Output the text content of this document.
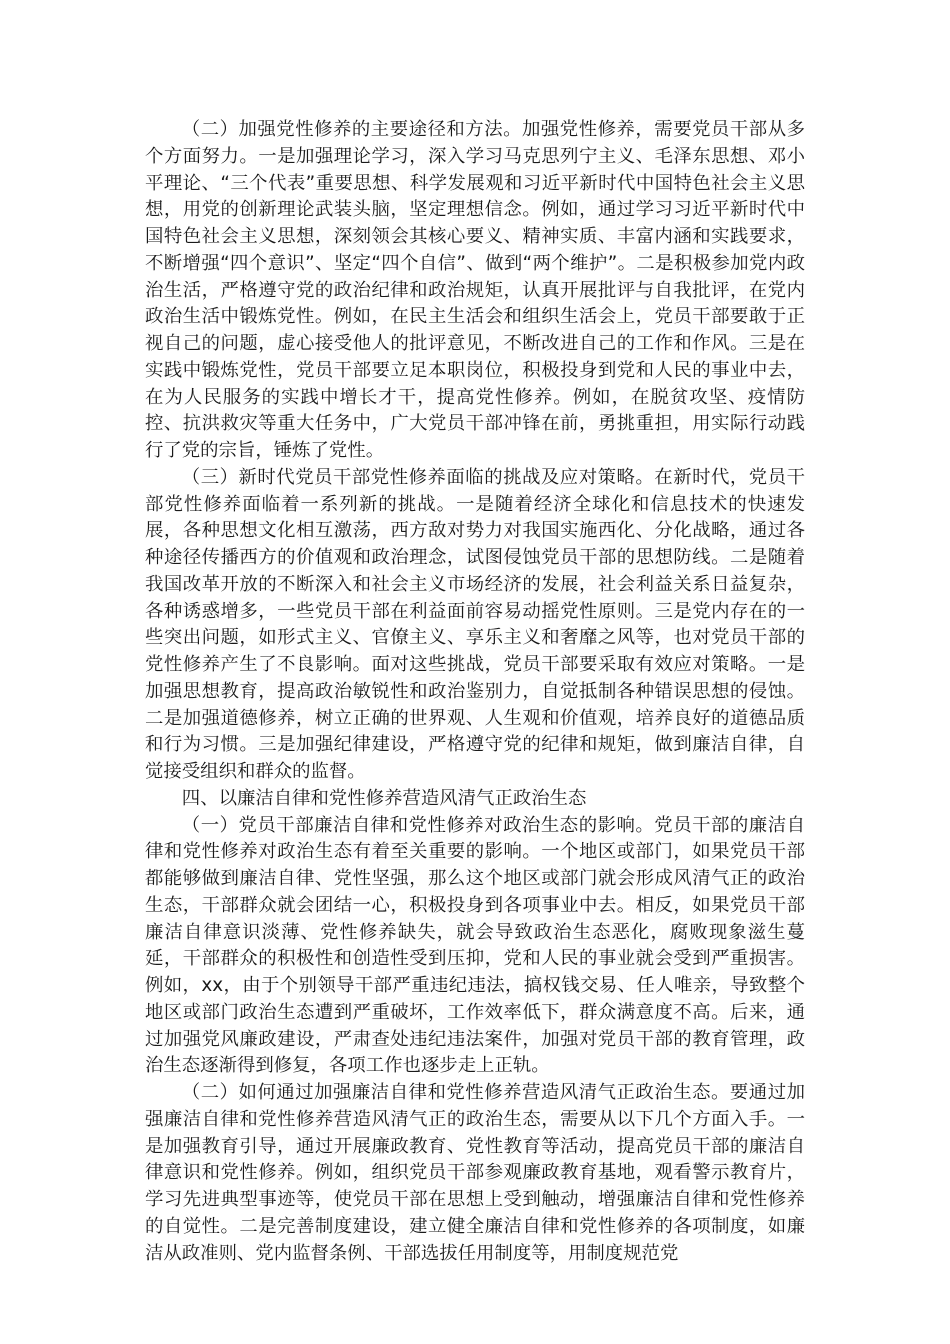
（二）加强党性修养的主要途径和方法。加强党性修养，需要党员干部从多个方面努力。一是加强理论学习，深入学习马克思列宁主义、毛泽东思想、邓小平理论、“三个代表”重要思想、科学发展观和习近平新时代中国特色社会主义思想，用党的创新理论武装头脑，坚定理想信念。例如，通过学习习近平新时代中国特色社会主义思想，深刻领会其核心要义、精神实质、丰富内涵和实践要求，不断增强“四个意识”、坚定“四个自信”、做到“两个维护”。二是积极参加党内政治生活，严格遵守党的政治纪律和政治规矩，认真开展批评与自我批评，在党内政治生活中锻炼党性。例如，在民主生活会和组织生活会上，党员干部要敢于正视自己的问题，虚心接受他人的批评意见，不断改进自己的工作和作风。三是在实践中锻炼党性，党员干部要立足本职岗位，积极投身到党和人民的事业中去，在为人民服务的实践中增长才干，提高党性修养。例如，在脱贫攻坚、疫情防控、抗洪救灾等重大任务中，广大党员干部冲锋在前，勇挑重担，用实际行动践行了党的宗旨，锤炼了党性。

（三）新时代党员干部党性修养面临的挑战及应对策略。在新时代，党员干部党性修养面临着一系列新的挑战。一是随着经济全球化和信息技术的快速发展，各种思想文化相互激荡，西方敌对势力对我国实施西化、分化战略，通过各种途径传播西方的价值观和政治理念，试图侵蚀党员干部的思想防线。二是随着我国改革开放的不断深入和社会主义市场经济的发展，社会利益关系日益复杂，各种诱惑增多，一些党员干部在利益面前容易动摇党性原则。三是党内存在的一些突出问题，如形式主义、官僚主义、享乐主义和奢靡之风等，也对党员干部的党性修养产生了不良影响。面对这些挑战，党员干部要采取有效应对策略。一是加强思想教育，提高政治敏锐性和政治鉴别力，自觉抵制各种错误思想的侵蚀。二是加强道德修养，树立正确的世界观、人生观和价值观，培养良好的道德品质和行为习惯。三是加强纪律建设，严格遵守党的纪律和规矩，做到廉洁自律，自觉接受组织和群众的监督。

四、以廉洁自律和党性修养营造风清气正政治生态

（一）党员干部廉洁自律和党性修养对政治生态的影响。党员干部的廉洁自律和党性修养对政治生态有着至关重要的影响。一个地区或部门，如果党员干部都能够做到廉洁自律、党性坚强，那么这个地区或部门就会形成风清气正的政治生态，干部群众就会团结一心，积极投身到各项事业中去。相反，如果党员干部廉洁自律意识淡薄、党性修养缺失，就会导致政治生态恶化，腐败现象滋生蔓延，干部群众的积极性和创造性受到压抑，党和人民的事业就会受到严重损害。例如，xx，由于个别领导干部严重违纪违法，搞权钱交易、任人唯亲，导致整个地区或部门政治生态遭到严重破坏，工作效率低下，群众满意度不高。后来，通过加强党风廉政建设，严肃查处违纪违法案件，加强对党员干部的教育管理，政治生态逐渐得到修复，各项工作也逐步走上正轨。

（二）如何通过加强廉洁自律和党性修养营造风清气正政治生态。要通过加强廉洁自律和党性修养营造风清气正的政治生态，需要从以下几个方面入手。一是加强教育引导，通过开展廉政教育、党性教育等活动，提高党员干部的廉洁自律意识和党性修养。例如，组织党员干部参观廉政教育基地，观看警示教育片，学习先进典型事迹等，使党员干部在思想上受到触动，增强廉洁自律和党性修养的自觉性。二是完善制度建设，建立健全廉洁自律和党性修养的各项制度，如廉洁从政准则、党内监督条例、干部选拔任用制度等，用制度规范党
